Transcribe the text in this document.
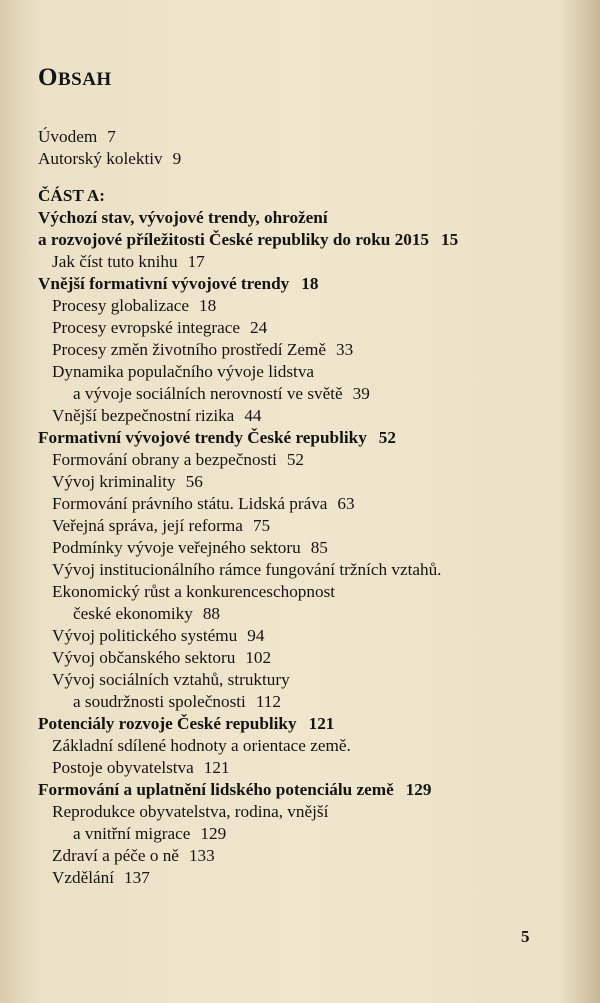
OBSAH
Úvodem 7
Autorský kolektiv 9
ČÁST A:
Výchozí stav, vývojové trendy, ohrožení
a rozvojové příležitosti České republiky do roku 2015 15
Jak číst tuto knihu 17
Vnější formativní vývojové trendy 18
Procesy globalizace 18
Procesy evropské integrace 24
Procesy změn životního prostředí Země 33
Dynamika populačního vývoje lidstva
a vývoje sociálních nerovností ve světě 39
Vnější bezpečnostní rizika 44
Formativní vývojové trendy České republiky 52
Formování obrany a bezpečnosti 52
Vývoj kriminality 56
Formování právního státu. Lidská práva 63
Veřejná správa, její reforma 75
Podmínky vývoje veřejného sektoru 85
Vývoj institucionálního rámce fungování tržních vztahů.
Ekonomický růst a konkurenceschopnost
české ekonomiky 88
Vývoj politického systému 94
Vývoj občanského sektoru 102
Vývoj sociálních vztahů, struktury
a soudržnosti společnosti 112
Potenciály rozvoje České republiky 121
Základní sdílené hodnoty a orientace země.
Postoje obyvatelstva 121
Formování a uplatnění lidského potenciálu země 129
Reprodukce obyvatelstva, rodina, vnější
a vnitřní migrace 129
Zdraví a péče o ně 133
Vzdělání 137
5
